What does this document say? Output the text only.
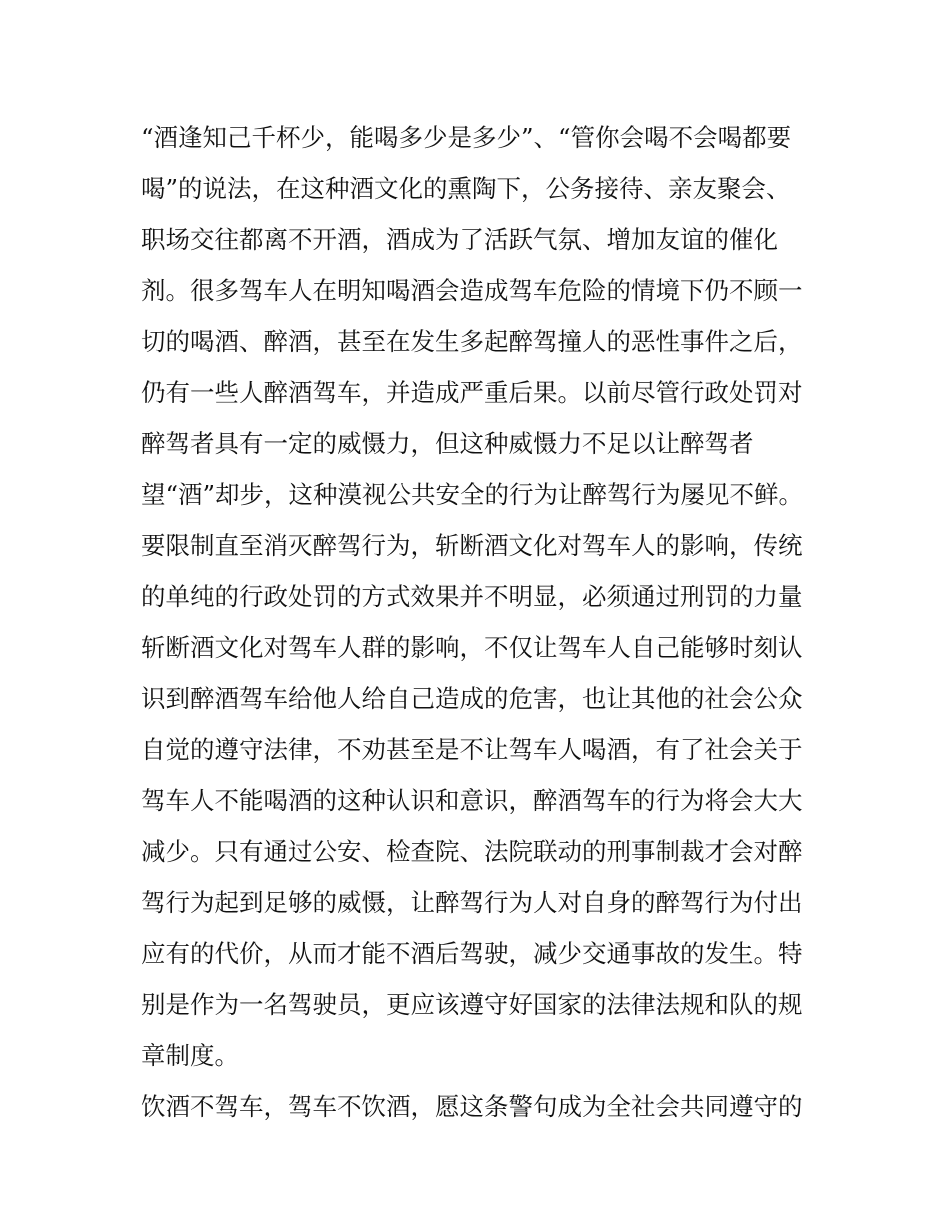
“酒逢知己千杯少，能喝多少是多少”、“管你会喝不会喝都要
喝”的说法，在这种酒文化的熏陶下，公务接待、亲友聚会、
职场交往都离不开酒，酒成为了活跃气氛、增加友谊的催化
剂。很多驾车人在明知喝酒会造成驾车危险的情境下仍不顾一
切的喝酒、醉酒，甚至在发生多起醉驾撞人的恶性事件之后，
仍有一些人醉酒驾车，并造成严重后果。以前尽管行政处罚对
醉驾者具有一定的威慑力，但这种威慑力不足以让醉驾者
望“酒”却步，这种漠视公共安全的行为让醉驾行为屡见不鲜。
要限制直至消灭醉驾行为，斩断酒文化对驾车人的影响，传统
的单纯的行政处罚的方式效果并不明显，必须通过刑罚的力量
斩断酒文化对驾车人群的影响，不仅让驾车人自己能够时刻认
识到醉酒驾车给他人给自己造成的危害，也让其他的社会公众
自觉的遵守法律，不劝甚至是不让驾车人喝酒，有了社会关于
驾车人不能喝酒的这种认识和意识，醉酒驾车的行为将会大大
减少。只有通过公安、检查院、法院联动的刑事制裁才会对醉
驾行为起到足够的威慑，让醉驾行为人对自身的醉驾行为付出
应有的代价，从而才能不酒后驾驶，减少交通事故的发生。特
别是作为一名驾驶员，更应该遵守好国家的法律法规和队的规
章制度。
饮酒不驾车，驾车不饮酒，愿这条警句成为全社会共同遵守的
